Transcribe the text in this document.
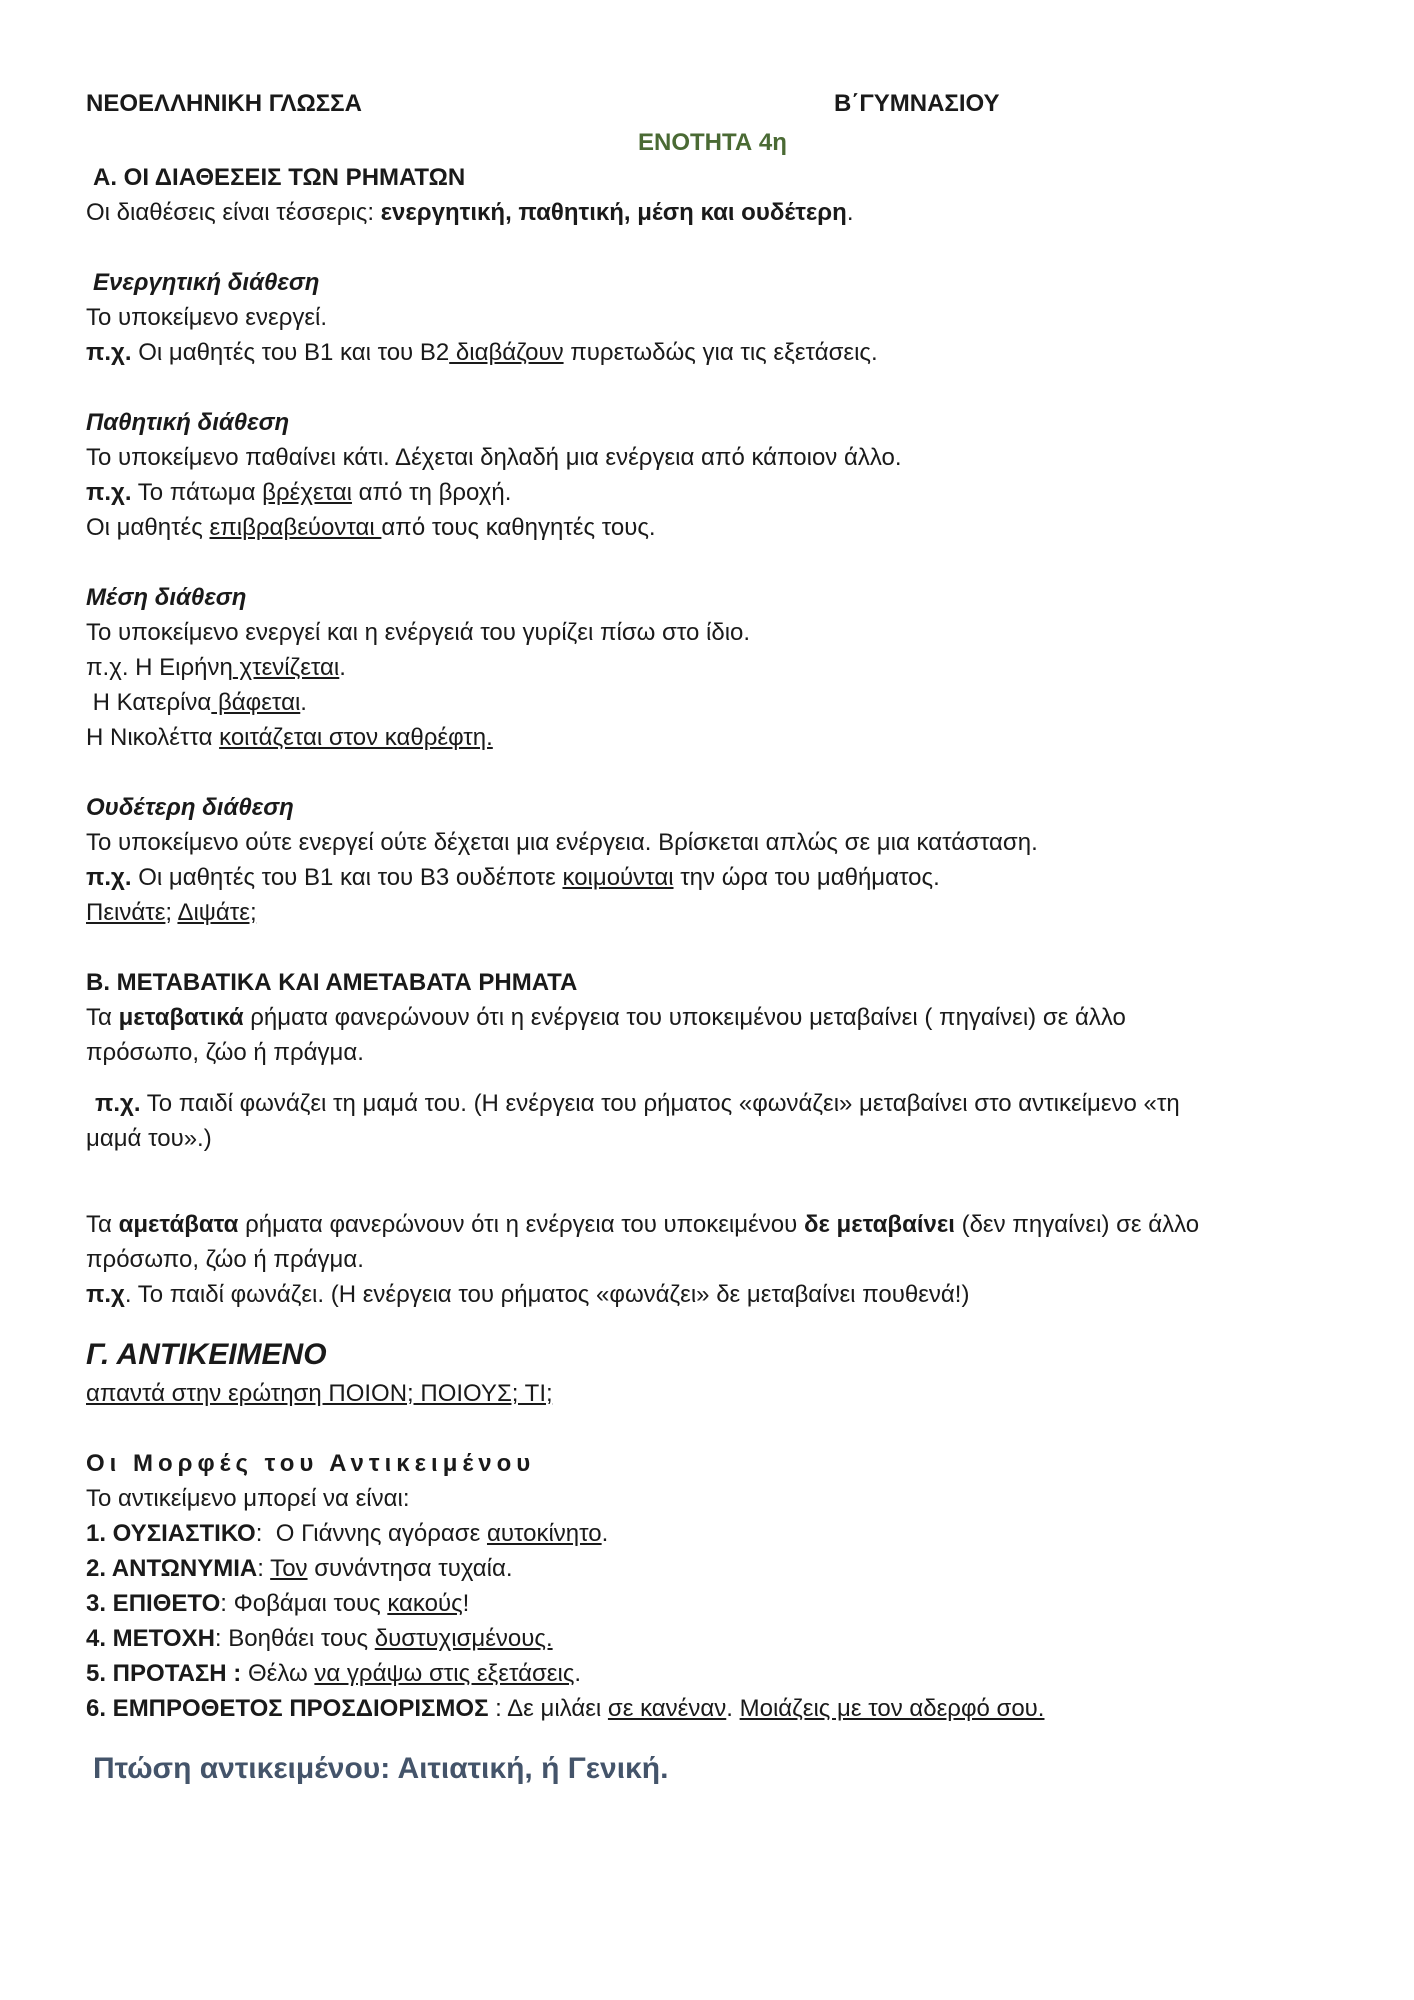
ΝΕΟΕΛΛΗΝΙΚΗ ΓΛΩΣΣΑ	Β΄ΓΥΜΝΑΣΙΟΥ
ΕΝΟΤΗΤΑ 4η
Α. ΟΙ ΔΙΑΘΕΣΕΙΣ ΤΩΝ ΡΗΜΑΤΩΝ
Οι διαθέσεις είναι τέσσερις: ενεργητική, παθητική, μέση και ουδέτερη.
Ενεργητική διάθεση
Το υποκείμενο ενεργεί.
π.χ. Οι μαθητές του Β1 και του Β2 διαβάζουν πυρετωδώς για τις εξετάσεις.
Παθητική διάθεση
Το υποκείμενο παθαίνει κάτι. Δέχεται δηλαδή μια ενέργεια από κάποιον άλλο.
π.χ. Το πάτωμα βρέχεται από τη βροχή.
Οι μαθητές επιβραβεύονται από τους καθηγητές τους.
Μέση διάθεση
Το υποκείμενο ενεργεί και η ενέργειά του γυρίζει πίσω στο ίδιο.
π.χ. Η Ειρήνη χτενίζεται.
Η Κατερίνα βάφεται.
Η Νικολέττα κοιτάζεται στον καθρέφτη.
Ουδέτερη διάθεση
Το υποκείμενο ούτε ενεργεί ούτε δέχεται μια ενέργεια. Βρίσκεται απλώς σε μια κατάσταση.
π.χ. Οι μαθητές του Β1 και του Β3 ουδέποτε κοιμούνται την ώρα του μαθήματος.
Πεινάτε; Διψάτε;
Β. ΜΕΤΑΒΑΤΙΚΑ ΚΑΙ ΑΜΕΤΑΒΑΤΑ ΡΗΜΑΤΑ
Τα μεταβατικά ρήματα φανερώνουν ότι η ενέργεια του υποκειμένου μεταβαίνει ( πηγαίνει) σε άλλο
πρόσωπο, ζώο ή πράγμα.
π.χ. Το παιδί φωνάζει τη μαμά του. (Η ενέργεια του ρήματος «φωνάζει» μεταβαίνει στο αντικείμενο «τη
μαμά του».)
Τα αμετάβατα ρήματα φανερώνουν ότι η ενέργεια του υποκειμένου δε μεταβαίνει (δεν πηγαίνει) σε άλλο
πρόσωπο, ζώο ή πράγμα.
π.χ. Το παιδί φωνάζει. (Η ενέργεια του ρήματος «φωνάζει» δε μεταβαίνει πουθενά!)
Γ. ΑΝΤΙΚΕΙΜΕΝΟ
απαντά στην ερώτηση ΠΟΙΟΝ; ΠΟΙΟΥΣ; ΤΙ;
Οι Μορφές του Αντικειμένου
Το αντικείμενο μπορεί να είναι:
1. ΟΥΣΙΑΣΤΙΚΟ:  Ο Γιάννης αγόρασε αυτοκίνητο.
2. ΑΝΤΩΝΥΜΙΑ: Τον συνάντησα τυχαία.
3. ΕΠΙΘΕΤΟ: Φοβάμαι τους κακούς!
4. ΜΕΤΟΧΗ: Βοηθάει τους δυστυχισμένους.
5. ΠΡΟΤΑΣΗ : Θέλω να γράψω στις εξετάσεις.
6. ΕΜΠΡΟΘΕΤΟΣ ΠΡΟΣΔΙΟΡΙΣΜΟΣ : Δε μιλάει σε κανέναν. Μοιάζεις με τον αδερφό σου.
Πτώση αντικειμένου: Αιτιατική, ή Γενική.
